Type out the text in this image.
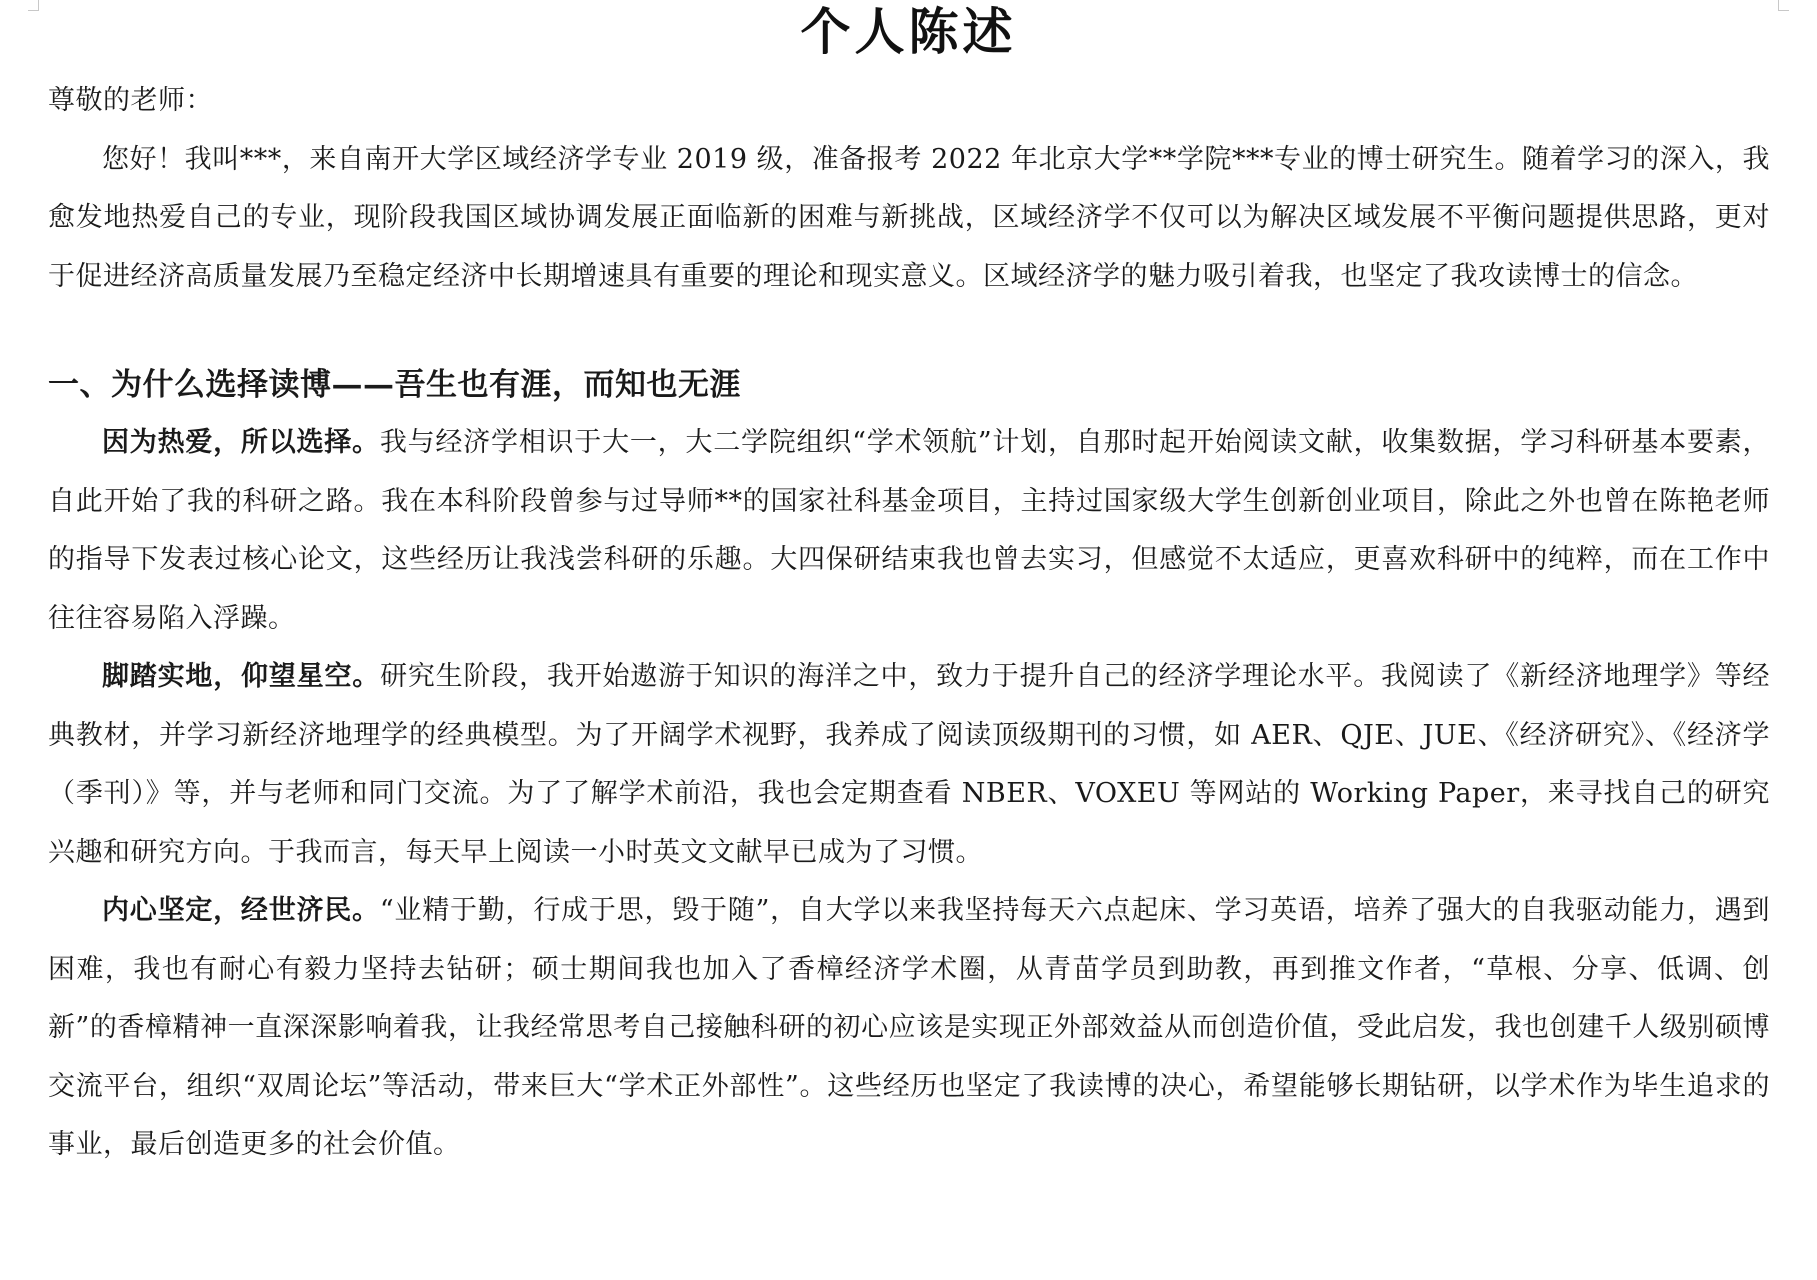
个人陈述

尊敬的老师：

您好！我叫***，来自南开大学区域经济学专业 2019 级，准备报考 2022 年北京大学**学院***专业的博士研究生。随着学习的深入，我愈发地热爱自己的专业，现阶段我国区域协调发展正面临新的困难与新挑战，区域经济学不仅可以为解决区域发展不平衡问题提供思路，更对于促进经济高质量发展乃至稳定经济中长期增速具有重要的理论和现实意义。区域经济学的魅力吸引着我，也坚定了我攻读博士的信念。

一、为什么选择读博——吾生也有涯，而知也无涯

因为热爱，所以选择。我与经济学相识于大一，大二学院组织“学术领航”计划，自那时起开始阅读文献，收集数据，学习科研基本要素，自此开始了我的科研之路。我在本科阶段曾参与过导师**的国家社科基金项目，主持过国家级大学生创新创业项目，除此之外也曾在陈艳老师的指导下发表过核心论文，这些经历让我浅尝科研的乐趣。大四保研结束我也曾去实习，但感觉不太适应，更喜欢科研中的纯粹，而在工作中往往容易陷入浮躁。

脚踏实地，仰望星空。研究生阶段，我开始遨游于知识的海洋之中，致力于提升自己的经济学理论水平。我阅读了《新经济地理学》等经典教材，并学习新经济地理学的经典模型。为了开阔学术视野，我养成了阅读顶级期刊的习惯，如 AER、QJE、JUE、《经济研究》、《经济学（季刊）》等，并与老师和同门交流。为了了解学术前沿，我也会定期查看 NBER、VOXEU 等网站的 Working Paper，来寻找自己的研究兴趣和研究方向。于我而言，每天早上阅读一小时英文文献早已成为了习惯。

内心坚定，经世济民。“业精于勤，行成于思，毁于随”，自大学以来我坚持每天六点起床、学习英语，培养了强大的自我驱动能力，遇到困难，我也有耐心有毅力坚持去钻研；硕士期间我也加入了香樟经济学术圈，从青苗学员到助教，再到推文作者，“草根、分享、低调、创新”的香樟精神一直深深影响着我，让我经常思考自己接触科研的初心应该是实现正外部效益从而创造价值，受此启发，我也创建千人级别硕博交流平台，组织“双周论坛”等活动，带来巨大“学术正外部性”。这些经历也坚定了我读博的决心，希望能够长期钻研，以学术作为毕生追求的事业，最后创造更多的社会价值。
